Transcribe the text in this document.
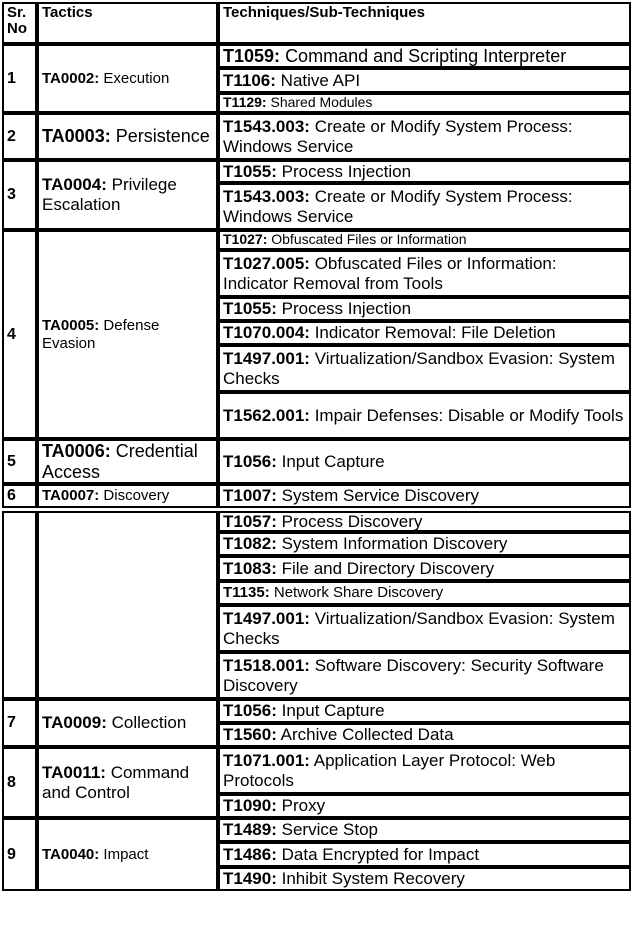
Sr. No
Tactics	Techniques/Sub-Techniques
1 TA0002: Execution
T1059: Command and Scripting Interpreter
T1106: Native API
T1129: Shared Modules
2 TA0003: Persistence T1543.003: Create or Modify System Process: Windows Service
3
TA0004: Privilege Escalation
T1055: Process Injection
T1543.003: Create or Modify System Process: Windows Service
4 TA0005: Defense Evasion
T1027: Obfuscated Files or Information
T1027.005: Obfuscated Files or Information: Indicator Removal from Tools
T1055: Process Injection
T1070.004: Indicator Removal: File Deletion
T1497.001: Virtualization/Sandbox Evasion: System Checks
T1562.001: Impair Defenses: Disable or Modify Tools
5
TA0006: Credential Access
T1056: Input Capture
6 TA0007: Discovery	T1007: System Service Discovery
T1057: Process Discovery
T1082: System Information Discovery
T1083: File and Directory Discovery
T1135: Network Share Discovery
T1497.001: Virtualization/Sandbox Evasion: System Checks
T1518.001: Software Discovery: Security Software Discovery
7 TA0009: Collection
T1056: Input Capture
T1560: Archive Collected Data
8
TA0011: Command and Control
T1071.001: Application Layer Protocol: Web Protocols
T1090: Proxy
9 TA0040: Impact
T1489: Service Stop
T1486: Data Encrypted for Impact
T1490: Inhibit System Recovery
